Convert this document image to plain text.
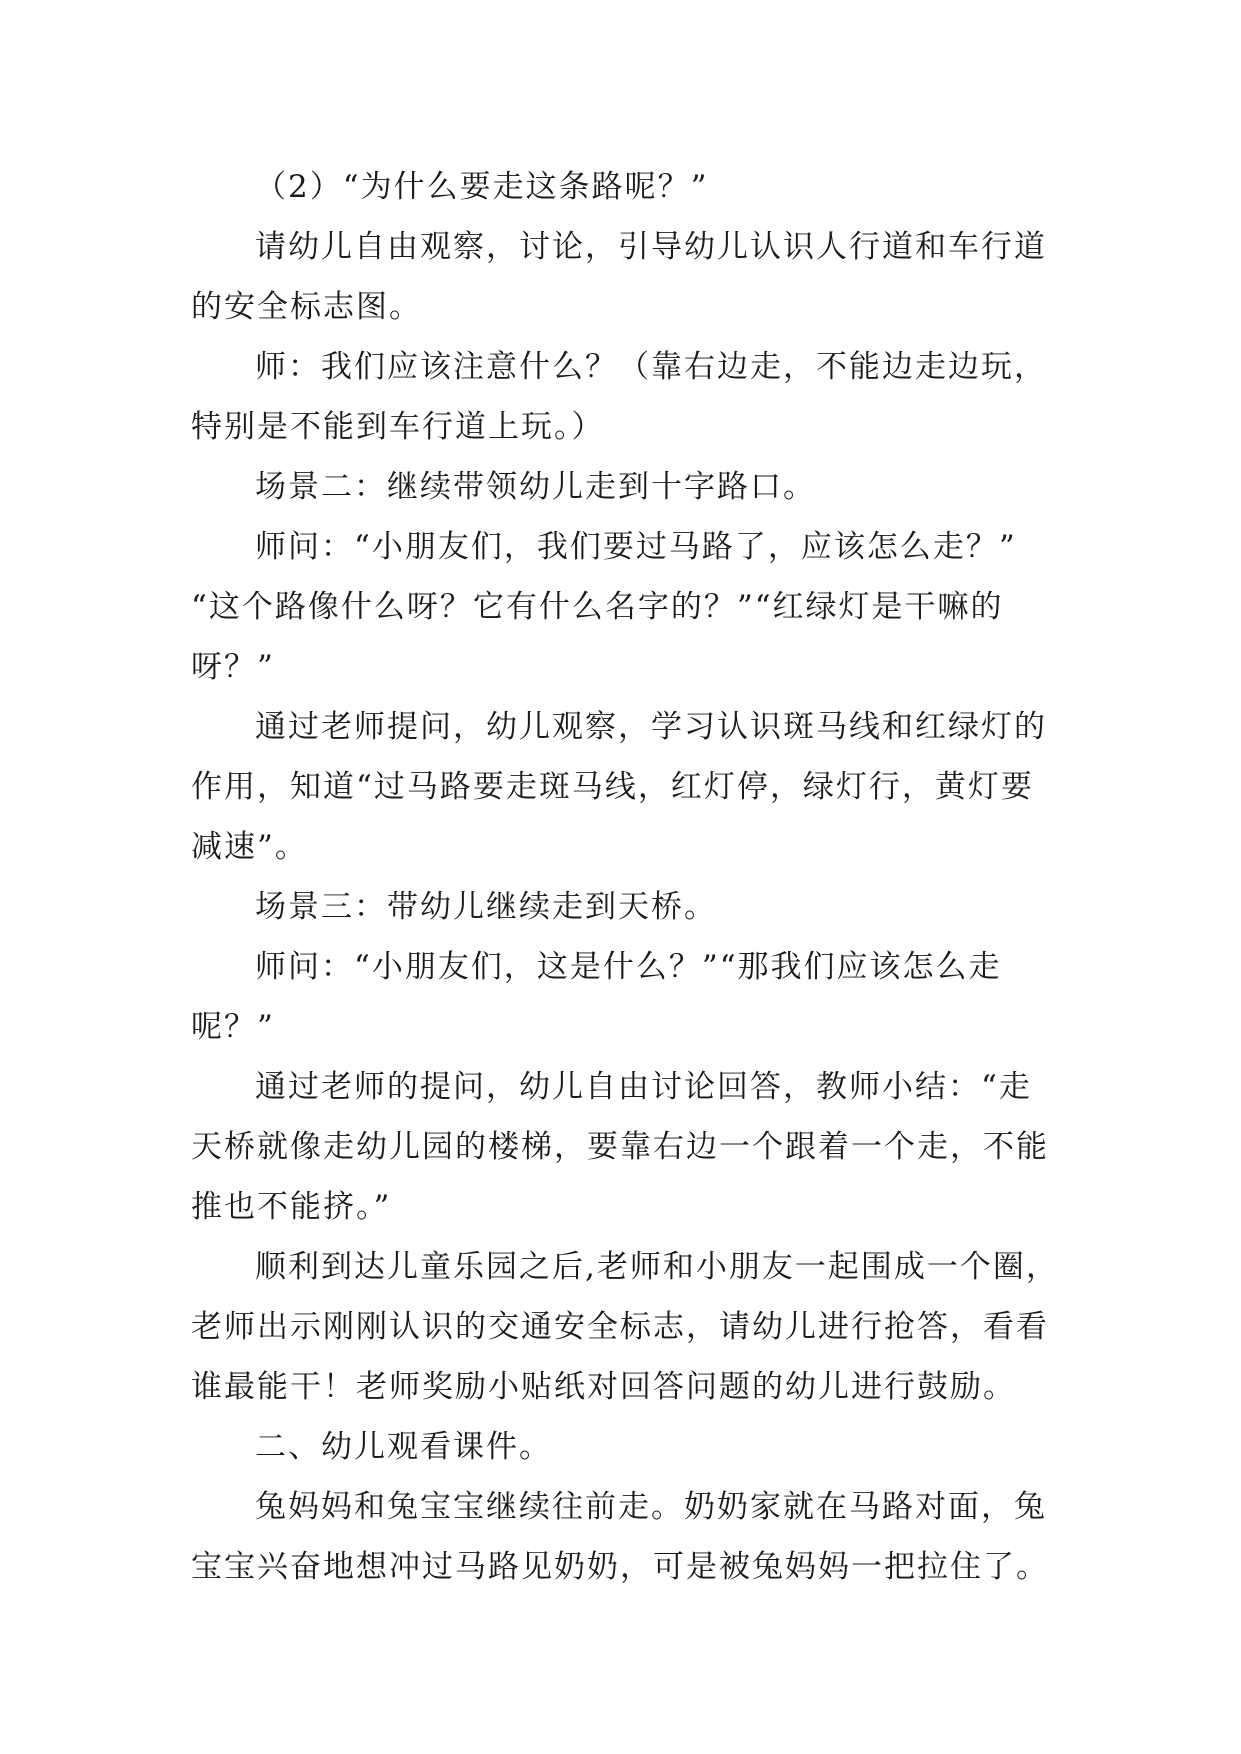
（2）“为什么要走这条路呢？”

请幼儿自由观察，讨论，引导幼儿认识人行道和车行道
的安全标志图。

师：我们应该注意什么？（靠右边走，不能边走边玩，
特别是不能到车行道上玩。）

场景二：继续带领幼儿走到十字路口。

师问：“小朋友们，我们要过马路了，应该怎么走？”
“这个路像什么呀？它有什么名字的？”“红绿灯是干嘛的
呀？”

通过老师提问，幼儿观察，学习认识斑马线和红绿灯的
作用，知道“过马路要走斑马线，红灯停，绿灯行，黄灯要
减速”。

场景三：带幼儿继续走到天桥。

师问：“小朋友们，这是什么？”“那我们应该怎么走
呢？”

通过老师的提问，幼儿自由讨论回答，教师小结：“走
天桥就像走幼儿园的楼梯，要靠右边一个跟着一个走，不能
推也不能挤。”

顺利到达儿童乐园之后,老师和小朋友一起围成一个圈，
老师出示刚刚认识的交通安全标志，请幼儿进行抢答，看看
谁最能干！老师奖励小贴纸对回答问题的幼儿进行鼓励。

二、幼儿观看课件。

兔妈妈和兔宝宝继续往前走。奶奶家就在马路对面，兔
宝宝兴奋地想冲过马路见奶奶，可是被兔妈妈一把拉住了。
